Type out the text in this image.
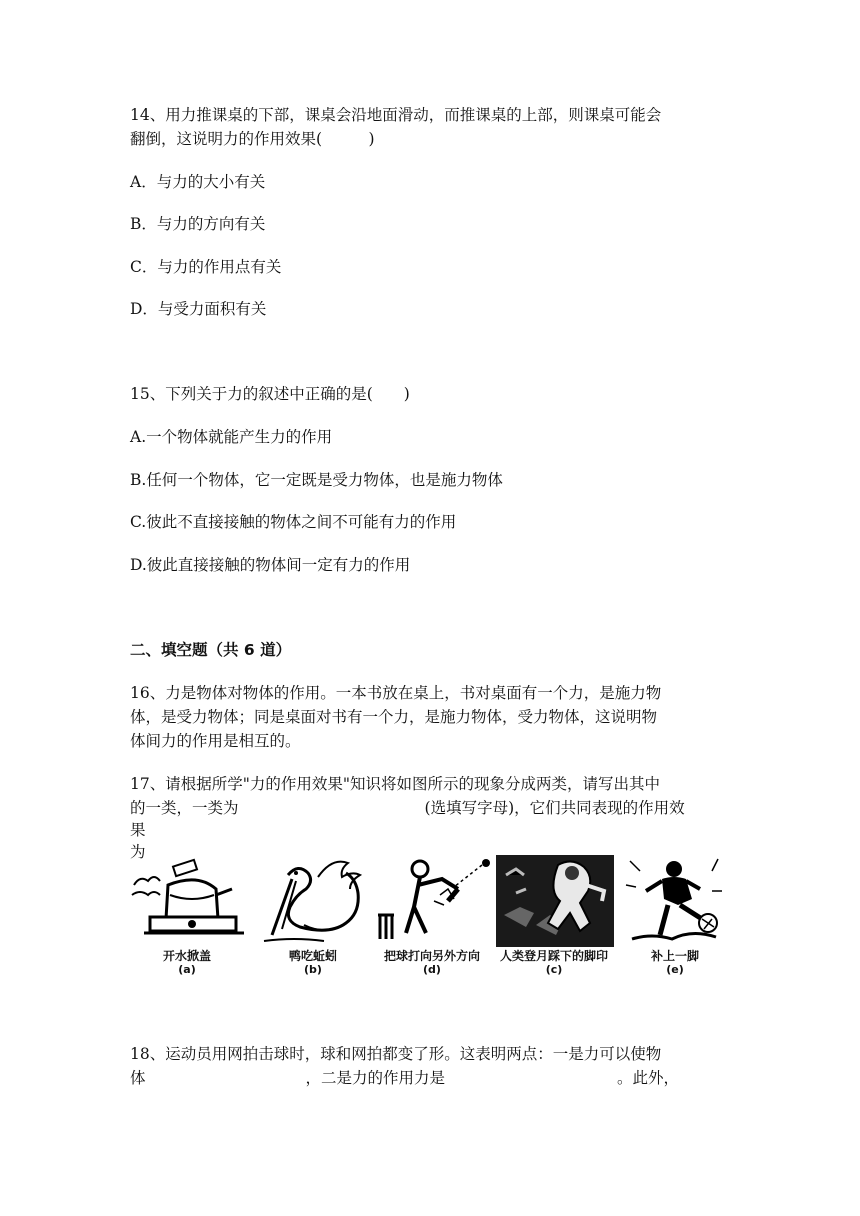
14、用力推课桌的下部，课桌会沿地面滑动，而推课桌的上部，则课桌可能会
翻倒，这说明力的作用效果(　　　)
A．与力的大小有关
B．与力的方向有关
C．与力的作用点有关
D．与受力面积有关
15、下列关于力的叙述中正确的是(　　)
A.一个物体就能产生力的作用
B.任何一个物体，它一定既是受力物体，也是施力物体
C.彼此不直接接触的物体之间不可能有力的作用
D.彼此直接接触的物体间一定有力的作用
二、填空题（共 6 道）
16、力是物体对物体的作用。一本书放在桌上，书对桌面有一个力，是施力物
体，是受力物体；同是桌面对书有一个力，是施力物体，受力物体，这说明物
体间力的作用是相互的。
17、请根据所学"力的作用效果"知识将如图所示的现象分成两类，请写出其中
的一类，一类为	(选填写字母)，它们共同表现的作用效
果
为
开水掀盖
(a)
鸭吃蚯蚓
(b)
把球打向另外方向
(d)
人类登月踩下的脚印
(c)
补上一脚
(e)
18、运动员用网拍击球时，球和网拍都变了形。这表明两点：一是力可以使物
体	，二是力的作用力是	。此外，
